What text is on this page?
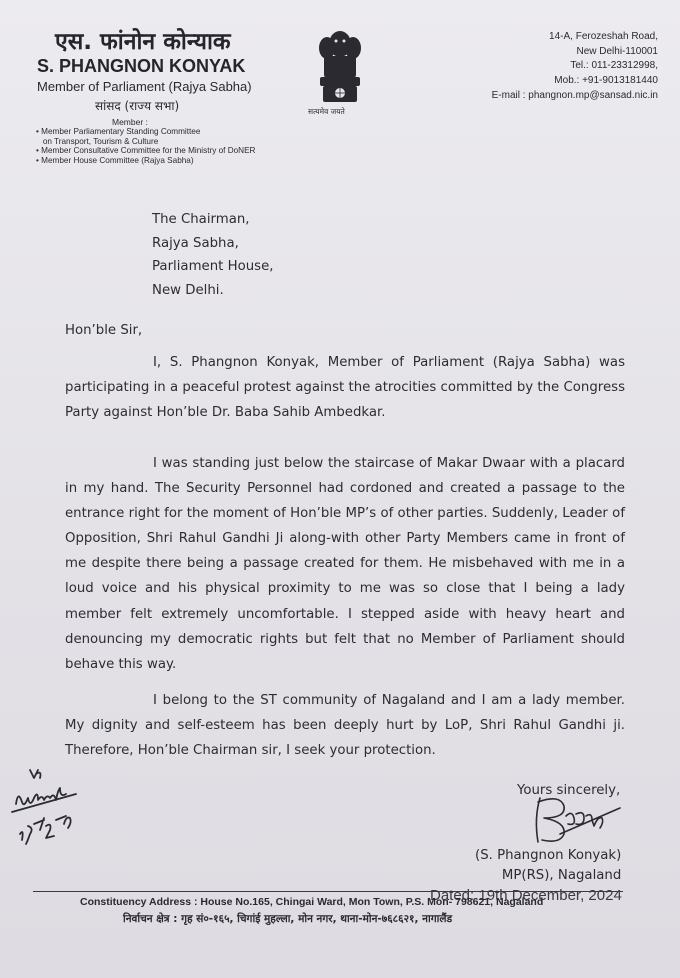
एस. फांनोन कोन्याक
S. PHANGNON KONYAK
Member of Parliament (Rajya Sabha)
सांसद (राज्य सभा)
Member :
• Member Parliamentary Standing Committee
on Transport, Tourism & Culture
• Member Consultative Committee for the Ministry of DoNER
• Member House Committee (Rajya Sabha)
सत्यमेव जयते
14-A, Ferozeshah Road,
New Delhi-110001
Tel.: 011-23312998,
Mob.: +91-9013181440
E-mail : phangnon.mp@sansad.nic.in
The Chairman,
Rajya Sabha,
Parliament House,
New Delhi.
Hon’ble Sir,
I, S. Phangnon Konyak, Member of Parliament (Rajya Sabha) was participating in a peaceful protest against the atrocities committed by the Congress Party against Hon’ble Dr. Baba Sahib Ambedkar.
I was standing just below the staircase of Makar Dwaar with a placard in my hand. The Security Personnel had cordoned and created a passage to the entrance right for the moment of Hon’ble MP’s of other parties. Suddenly, Leader of Opposition, Shri Rahul Gandhi Ji along-with other Party Members came in front of me despite there being a passage created for them. He misbehaved with me in a loud voice and his physical proximity to me was so close that I being a lady member felt extremely uncomfortable. I stepped aside with heavy heart and denouncing my democratic rights but felt that no Member of Parliament should behave this way.
I belong to the ST community of Nagaland and I am a lady member. My dignity and self-esteem has been deeply hurt by LoP, Shri Rahul Gandhi ji. Therefore, Hon’ble Chairman sir, I seek your protection.
Yours sincerely,
(S. Phangnon Konyak)
MP(RS), Nagaland
Dated: 19th December, 2024
Constituency Address : House No.165, Chingai Ward, Mon Town, P.S. Mon- 798621, Nagaland
निर्वाचन क्षेत्र : गृह सं०-१६५, चिगांई मुहल्ला, मोन नगर, थाना-मोन-७६८६२१, नागालैंड
